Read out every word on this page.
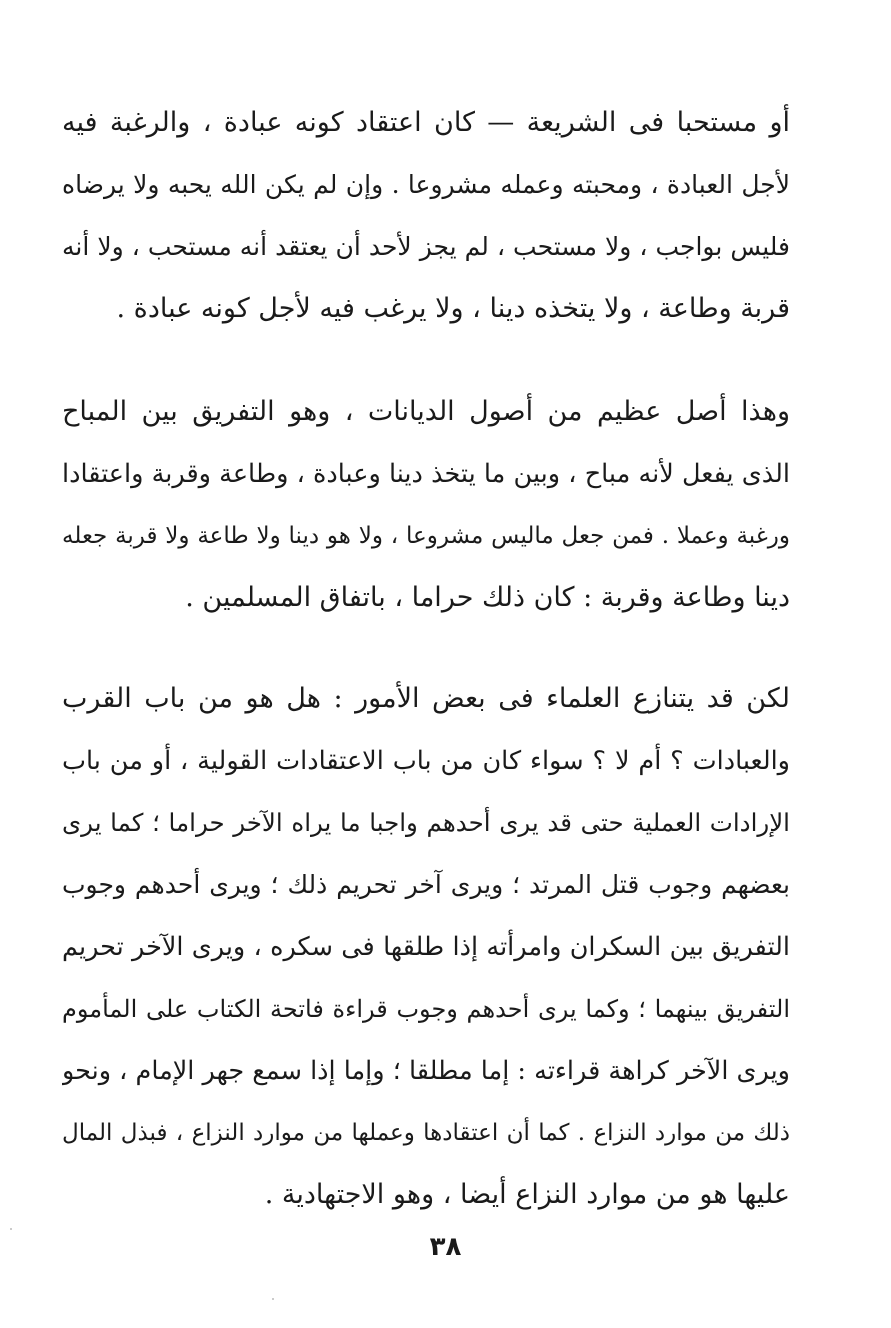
أو مستحبا فى الشريعة — كان اعتقاد كونه عبادة ، والرغبة فيه
لأجل العبادة ، ومحبته وعمله مشروعا . وإن لم يكن الله يحبه ولا يرضاه
فليس بواجب ، ولا مستحب ، لم يجز لأحد أن يعتقد أنه مستحب ، ولا أنه
قربة وطاعة ، ولا يتخذه دينا ، ولا يرغب فيه لأجل كونه عبادة .
وهذا أصل عظيم من أصول الديانات ، وهو التفريق بين المباح
الذى يفعل لأنه مباح ، وبين ما يتخذ دينا وعبادة ، وطاعة وقربة واعتقادا
ورغبة وعملا . فمن جعل ماليس مشروعا ، ولا هو دينا ولا طاعة ولا قربة جعله
دينا وطاعة وقربة : كان ذلك حراما ، باتفاق المسلمين .
لكن قد يتنازع العلماء فى بعض الأمور : هل هو من باب القرب
والعبادات ؟ أم لا ؟ سواء كان من باب الاعتقادات القولية ، أو من باب
الإرادات العملية حتى قد يرى أحدهم واجبا ما يراه الآخر حراما ؛ كما يرى
بعضهم وجوب قتل المرتد ؛ ويرى آخر تحريم ذلك ؛ ويرى أحدهم وجوب
التفريق بين السكران وامرأته إذا طلقها فى سكره ، ويرى الآخر تحريم
التفريق بينهما ؛ وكما يرى أحدهم وجوب قراءة فاتحة الكتاب على المأموم
ويرى الآخر كراهة قراءته : إما مطلقا ؛ وإما إذا سمع جهر الإمام ، ونحو
ذلك من موارد النزاع . كما أن اعتقادها وعملها من موارد النزاع ، فبذل المال
عليها هو من موارد النزاع أيضا ، وهو الاجتهادية .
٣٨
